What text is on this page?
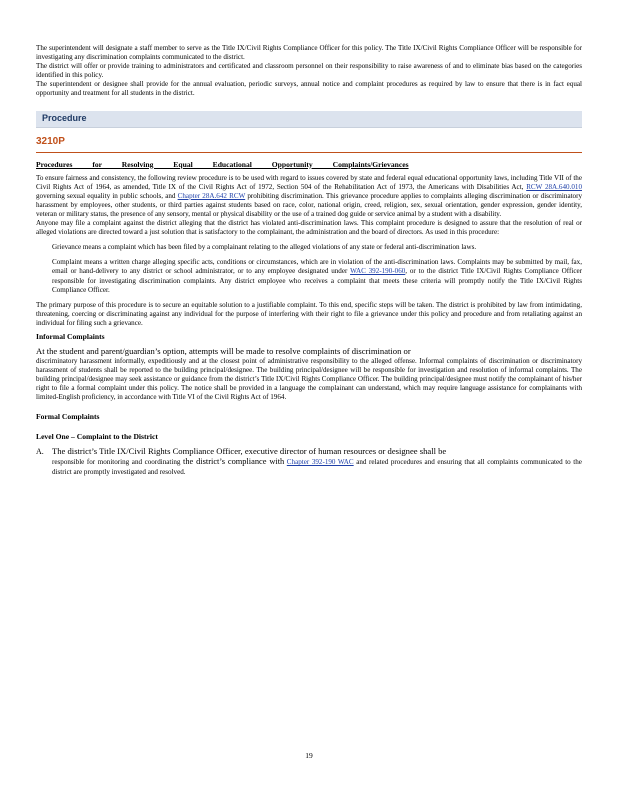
The superintendent will designate a staff member to serve as the Title IX/Civil Rights Compliance Officer for this policy. The Title IX/Civil Rights Compliance Officer will be responsible for investigating any discrimination complaints communicated to the district.

The district will offer or provide training to administrators and certificated and classroom personnel on their responsibility to raise awareness of and to eliminate bias based on the categories identified in this policy.

The superintendent or designee shall provide for the annual evaluation, periodic surveys, annual notice and complaint procedures as required by law to ensure that there is in fact equal opportunity and treatment for all students in the district.

Procedure
3210P
Procedures for Resolving Equal Educational Opportunity Complaints/Grievances

To ensure fairness and consistency, the following review procedure is to be used with regard to issues covered by state and federal equal educational opportunity laws, including Title VII of the Civil Rights Act of 1964, as amended, Title IX of the Civil Rights Act of 1972, Section 504 of the Rehabilitation Act of 1973, the Americans with Disabilities Act, RCW 28A.640.010 governing sexual equality in public schools, and Chapter 28A.642 RCW prohibiting discrimination. This grievance procedure applies to complaints alleging discrimination or discriminatory harassment by employees, other students, or third parties against students based on race, color, national origin, creed, religion, sex, sexual orientation, gender expression, gender identity, veteran or military status, the presence of any sensory, mental or physical disability or the use of a trained dog guide or service animal by a student with a disability.

Anyone may file a complaint against the district alleging that the district has violated anti-discrimination laws. This complaint procedure is designed to assure that the resolution of real or alleged violations are directed toward a just solution that is satisfactory to the complainant, the administration and the board of directors. As used in this procedure:

Grievance means a complaint which has been filed by a complainant relating to the alleged violations of any state or federal anti-discrimination laws.

Complaint means a written charge alleging specific acts, conditions or circumstances, which are in violation of the anti-discrimination laws. Complaints may be submitted by mail, fax, email or hand-delivery to any district or school administrator, or to any employee designated under WAC 392-190-060, or to the district Title IX/Civil Rights Compliance Officer responsible for investigating discrimination complaints. Any district employee who receives a complaint that meets these criteria will promptly notify the Title IX/Civil Rights Compliance Officer.

The primary purpose of this procedure is to secure an equitable solution to a justifiable complaint. To this end, specific steps will be taken. The district is prohibited by law from intimidating, threatening, coercing or discriminating against any individual for the purpose of interfering with their right to file a grievance under this policy and procedure and from retaliating against an individual for filing such a grievance.

Informal Complaints
At the student and parent/guardian’s option, attempts will be made to resolve complaints of discrimination or

discriminatory harassment informally, expeditiously and at the closest point of administrative responsibility to the alleged offense. Informal complaints of discrimination or discriminatory harassment of students shall be reported to the building principal/designee. The building principal/designee will be responsible for investigation and resolution of informal complaints. The building principal/designee may seek assistance or guidance from the district’s Title IX/Civil Rights Compliance Officer. The building principal/designee must notify the complainant of his/her right to file a formal complaint under this policy. The notice shall be provided in a language the complainant can understand, which may require language assistance for complainants with limited-English proficiency, in accordance with Title VI of the Civil Rights Act of 1964.

Formal Complaints
Level One – Complaint to the District
A. The district’s Title IX/Civil Rights Compliance Officer, executive director of human resources or designee shall be

responsible for monitoring and coordinating the district’s compliance with Chapter 392-190 WAC and related procedures and ensuring that all complaints communicated to the district are promptly investigated and resolved.

19
